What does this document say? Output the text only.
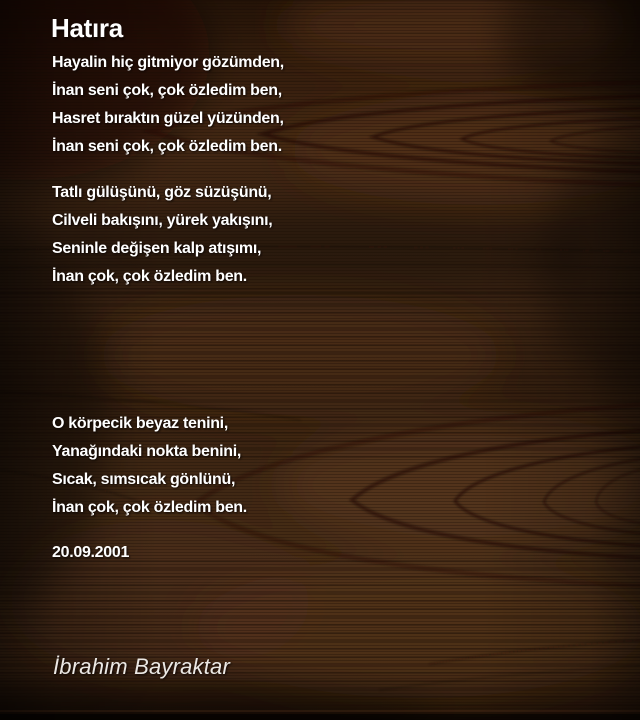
Hatıra
Hayalin hiç gitmiyor gözümden,
İnan seni çok, çok özledim ben,
Hasret bıraktın güzel yüzünden,
İnan seni çok, çok özledim ben.
Tatlı gülüşünü, göz süzüşünü,
Cilveli bakışını, yürek yakışını,
Seninle değişen kalp atışımı,
İnan çok, çok özledim ben.
O körpecik beyaz tenini,
Yanağındaki nokta benini,
Sıcak, sımsıcak gönlünü,
İnan çok, çok özledim ben.
20.09.2001
İbrahim Bayraktar
